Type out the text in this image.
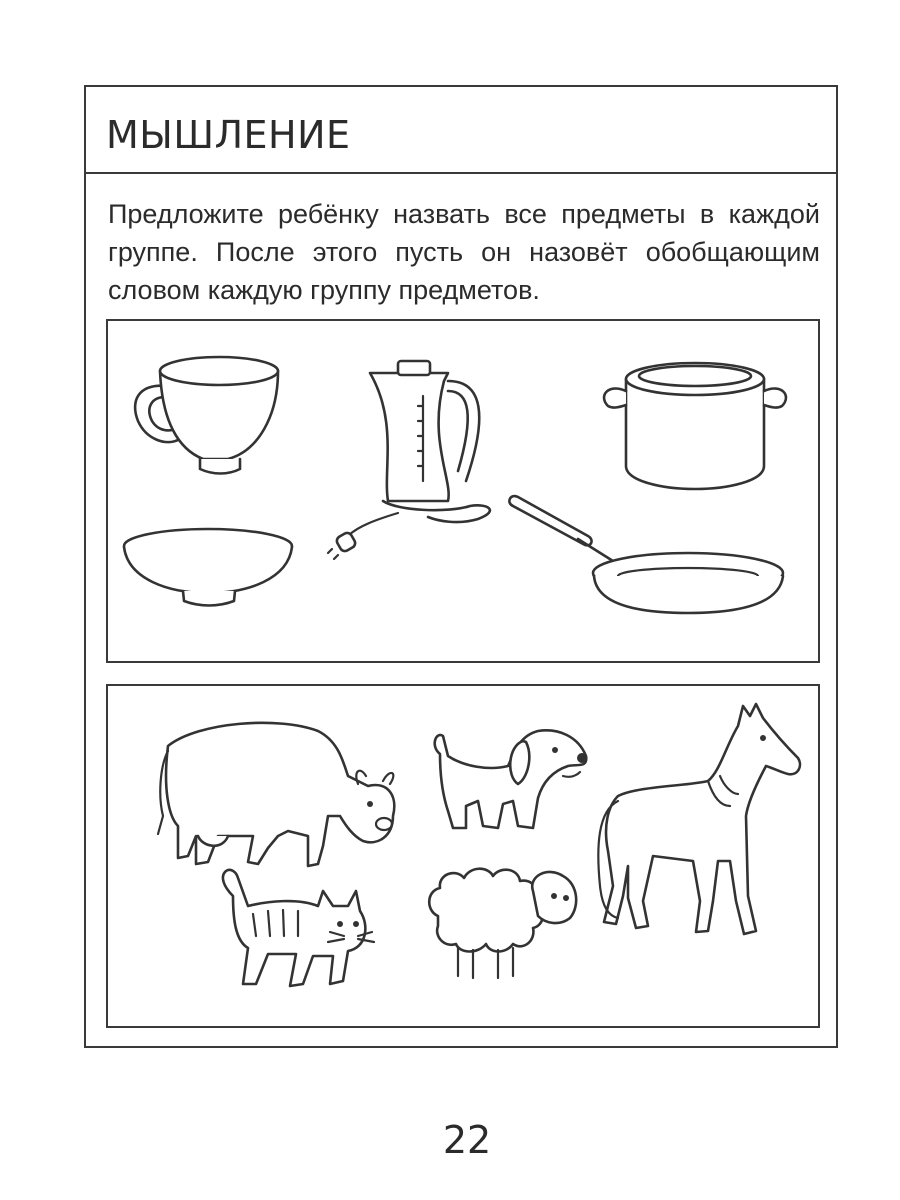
МЫШЛЕНИЕ

Предложите ребёнку назвать все предметы в каждой группе. После этого пусть он назовёт обобщающим словом каждую группу предметов.

22
